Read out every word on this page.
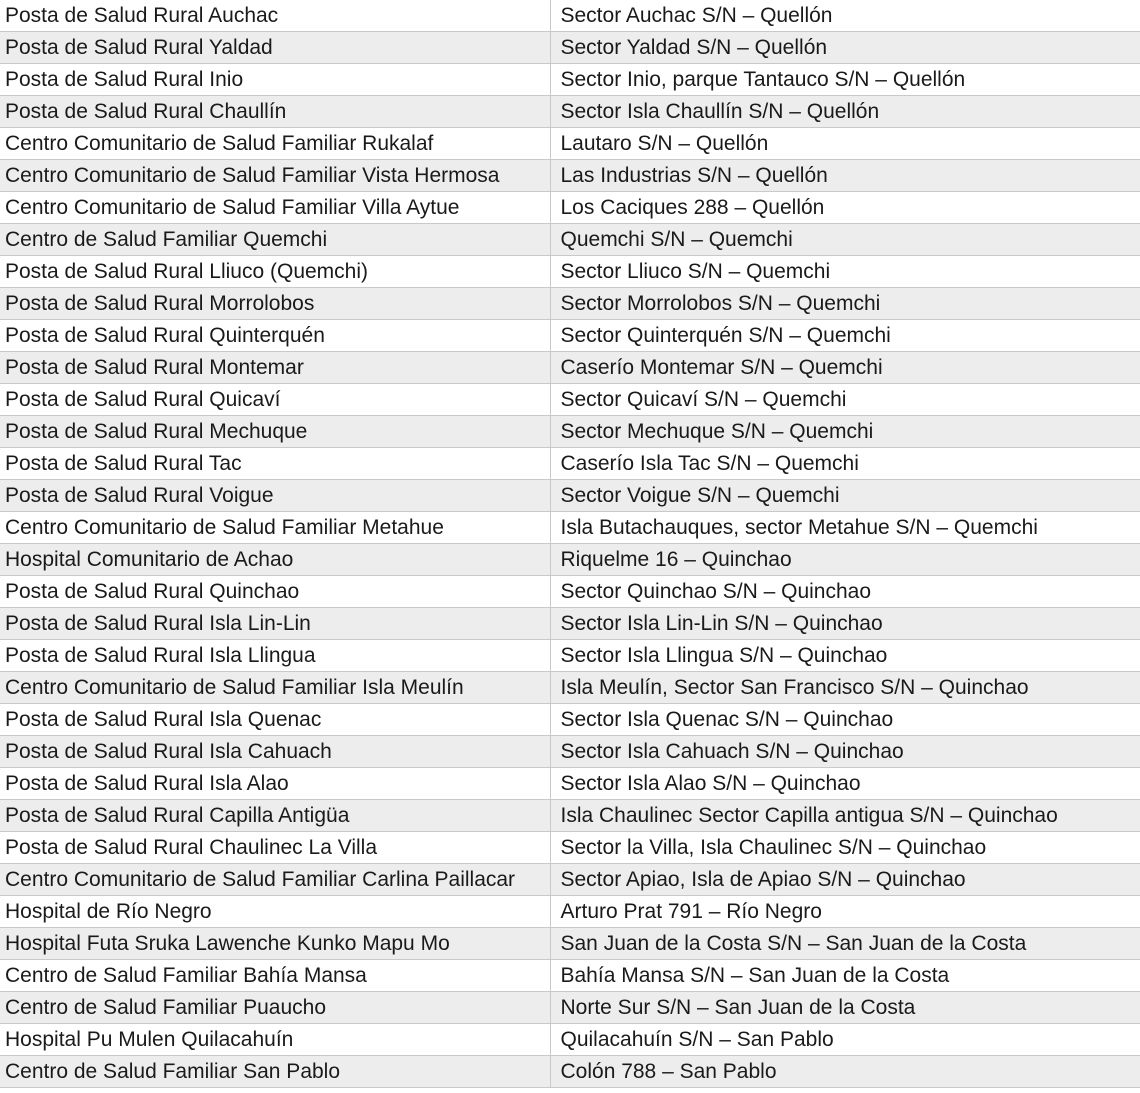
Posta de Salud Rural Auchac	Sector Auchac S/N – Quellón
Posta de Salud Rural Yaldad	Sector Yaldad S/N – Quellón
Posta de Salud Rural Inio	Sector Inio, parque Tantauco S/N – Quellón
Posta de Salud Rural Chaullín	Sector Isla Chaullín S/N – Quellón
Centro Comunitario de Salud Familiar Rukalaf	Lautaro S/N – Quellón
Centro Comunitario de Salud Familiar Vista Hermosa	Las Industrias S/N – Quellón
Centro Comunitario de Salud Familiar Villa Aytue	Los Caciques 288 – Quellón
Centro de Salud Familiar Quemchi	Quemchi S/N – Quemchi
Posta de Salud Rural Lliuco (Quemchi)	Sector Lliuco S/N – Quemchi
Posta de Salud Rural Morrolobos	Sector Morrolobos S/N – Quemchi
Posta de Salud Rural Quinterquén	Sector Quinterquén S/N – Quemchi
Posta de Salud Rural Montemar	Caserío Montemar S/N – Quemchi
Posta de Salud Rural Quicaví	Sector Quicaví S/N – Quemchi
Posta de Salud Rural Mechuque	Sector Mechuque S/N – Quemchi
Posta de Salud Rural Tac	Caserío Isla Tac S/N – Quemchi
Posta de Salud Rural Voigue	Sector Voigue S/N – Quemchi
Centro Comunitario de Salud Familiar Metahue	Isla Butachauques, sector Metahue S/N – Quemchi
Hospital Comunitario de Achao	Riquelme 16 – Quinchao
Posta de Salud Rural Quinchao	Sector Quinchao S/N – Quinchao
Posta de Salud Rural Isla Lin-Lin	Sector Isla Lin-Lin S/N – Quinchao
Posta de Salud Rural Isla Llingua	Sector Isla Llingua S/N – Quinchao
Centro Comunitario de Salud Familiar Isla Meulín	Isla Meulín, Sector San Francisco S/N – Quinchao
Posta de Salud Rural Isla Quenac	Sector Isla Quenac S/N – Quinchao
Posta de Salud Rural Isla Cahuach	Sector Isla Cahuach S/N – Quinchao
Posta de Salud Rural Isla Alao	Sector Isla Alao S/N – Quinchao
Posta de Salud Rural Capilla Antigüa	Isla Chaulinec Sector Capilla antigua S/N – Quinchao
Posta de Salud Rural Chaulinec La Villa	Sector la Villa, Isla Chaulinec S/N – Quinchao
Centro Comunitario de Salud Familiar Carlina Paillacar	Sector Apiao, Isla de Apiao S/N – Quinchao
Hospital de Río Negro	Arturo Prat 791 – Río Negro
Hospital Futa Sruka Lawenche Kunko Mapu Mo	San Juan de la Costa S/N – San Juan de la Costa
Centro de Salud Familiar Bahía Mansa	Bahía Mansa S/N – San Juan de la Costa
Centro de Salud Familiar Puaucho	Norte Sur S/N – San Juan de la Costa
Hospital Pu Mulen Quilacahuín	Quilacahuín S/N – San Pablo
Centro de Salud Familiar San Pablo	Colón 788 – San Pablo
